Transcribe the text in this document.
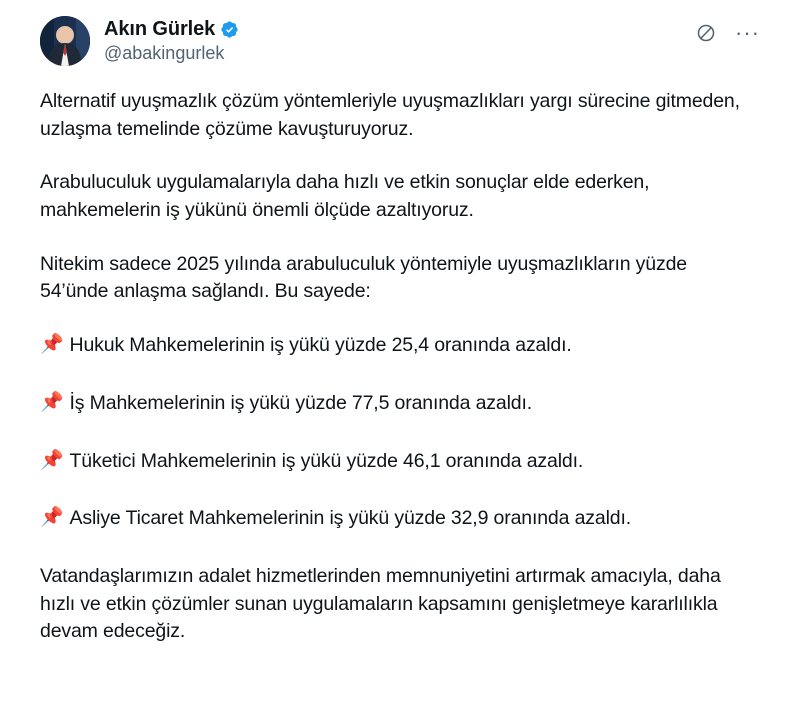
Akın Gürlek
@abakingurlek
···

Alternatif uyuşmazlık çözüm yöntemleriyle uyuşmazlıkları yargı sürecine gitmeden, uzlaşma temelinde çözüme kavuşturuyoruz.

Arabuluculuk uygulamalarıyla daha hızlı ve etkin sonuçlar elde ederken, mahkemelerin iş yükünü önemli ölçüde azaltıyoruz.

Nitekim sadece 2025 yılında arabuluculuk yöntemiyle uyuşmazlıkların yüzde 54’ünde anlaşma sağlandı. Bu sayede:

📌 Hukuk Mahkemelerinin iş yükü yüzde 25,4 oranında azaldı.
📌 İş Mahkemelerinin iş yükü yüzde 77,5 oranında azaldı.
📌 Tüketici Mahkemelerinin iş yükü yüzde 46,1 oranında azaldı.
📌 Asliye Ticaret Mahkemelerinin iş yükü yüzde 32,9 oranında azaldı.

Vatandaşlarımızın adalet hizmetlerinden memnuniyetini artırmak amacıyla, daha hızlı ve etkin çözümler sunan uygulamaların kapsamını genişletmeye kararlılıkla devam edeceğiz.
